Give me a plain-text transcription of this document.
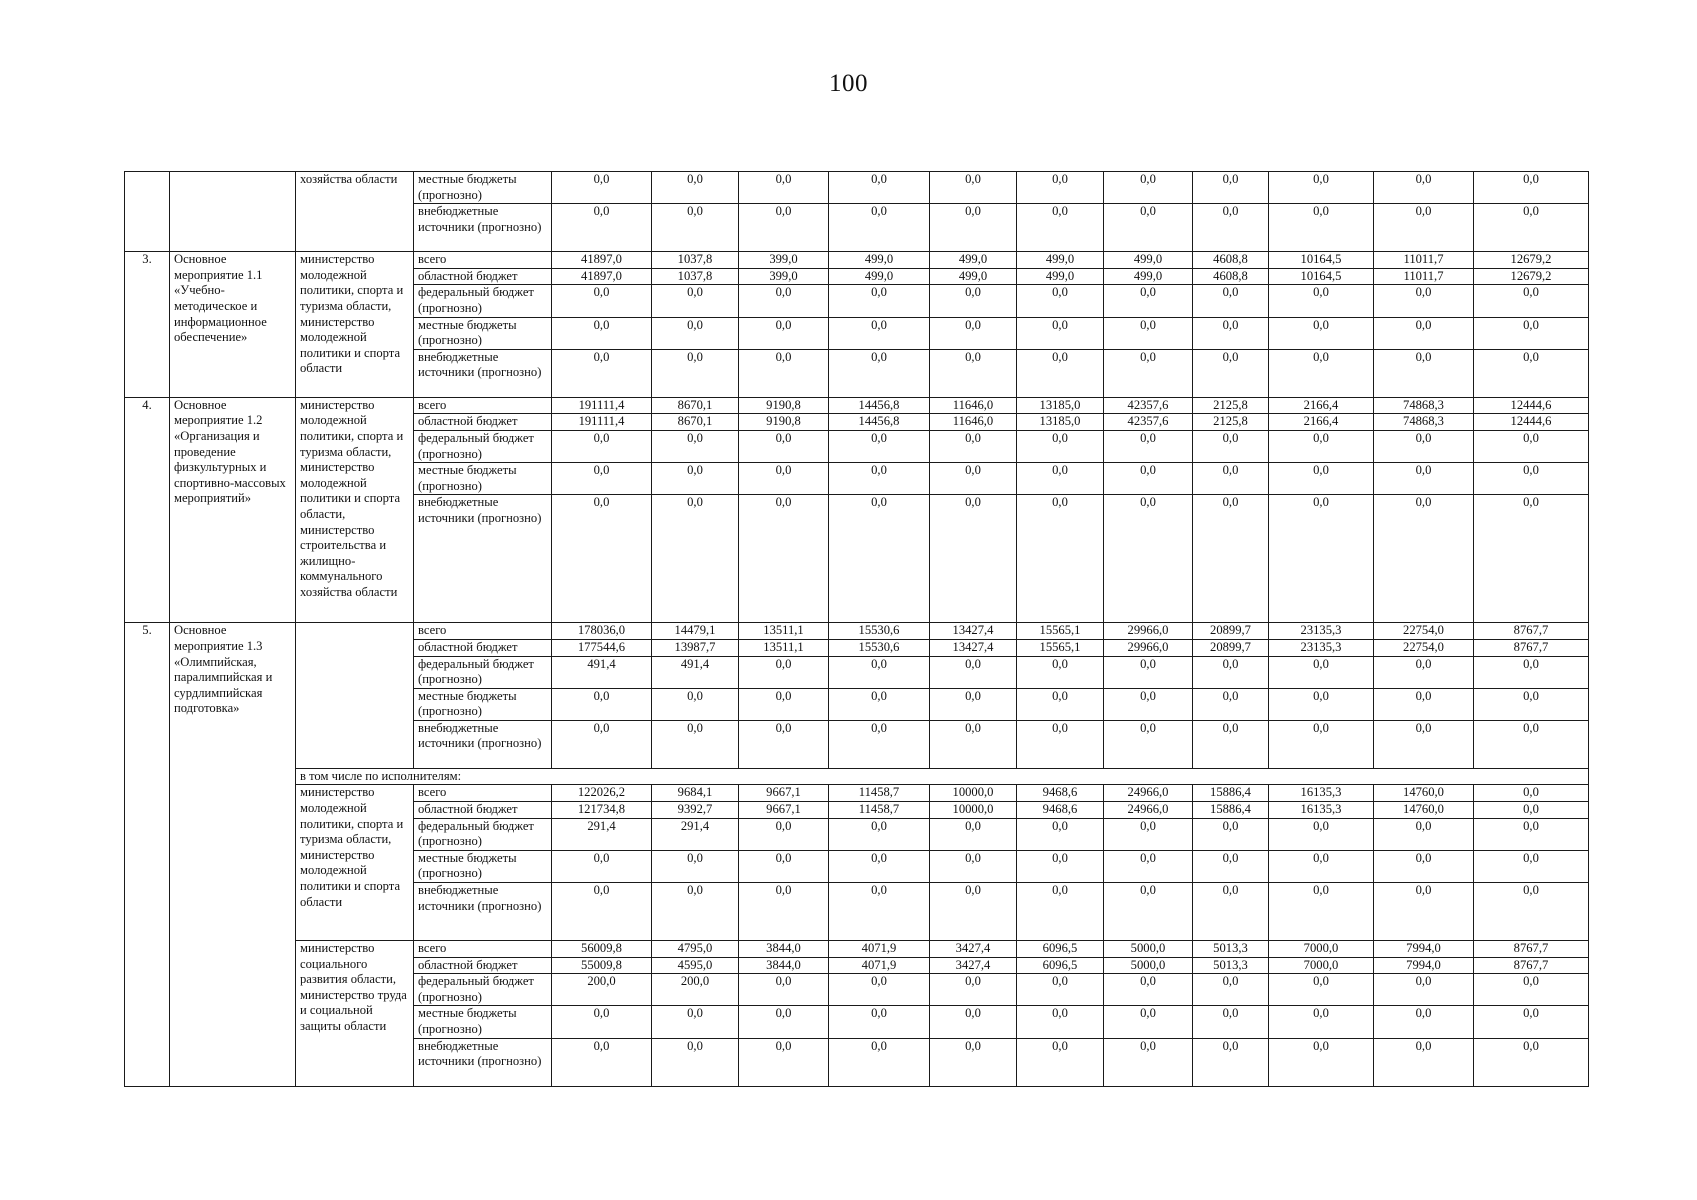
100
		хозяйства области	местные бюджеты (прогнозно)	0,0	0,0	0,0	0,0	0,0	0,0	0,0	0,0	0,0	0,0	0,0
			внебюджетные источники (прогнозно)	0,0	0,0	0,0	0,0	0,0	0,0	0,0	0,0	0,0	0,0	0,0
3.	Основное мероприятие 1.1 «Учебно-методическое и информационное обеспечение»	министерство молодежной политики, спорта и туризма области, министерство молодежной политики и спорта области	всего	41897,0	1037,8	399,0	499,0	499,0	499,0	499,0	4608,8	10164,5	11011,7	12679,2
			областной бюджет	41897,0	1037,8	399,0	499,0	499,0	499,0	499,0	4608,8	10164,5	11011,7	12679,2
			федеральный бюджет (прогнозно)	0,0	0,0	0,0	0,0	0,0	0,0	0,0	0,0	0,0	0,0	0,0
			местные бюджеты (прогнозно)	0,0	0,0	0,0	0,0	0,0	0,0	0,0	0,0	0,0	0,0	0,0
			внебюджетные источники (прогнозно)	0,0	0,0	0,0	0,0	0,0	0,0	0,0	0,0	0,0	0,0	0,0
4.	Основное мероприятие 1.2 «Организация и проведение физкультурных и спортивно-массовых мероприятий»	министерство молодежной политики, спорта и туризма области, министерство молодежной политики и спорта области, министерство строительства и жилищно-коммунального хозяйства области	всего	191111,4	8670,1	9190,8	14456,8	11646,0	13185,0	42357,6	2125,8	2166,4	74868,3	12444,6
			областной бюджет	191111,4	8670,1	9190,8	14456,8	11646,0	13185,0	42357,6	2125,8	2166,4	74868,3	12444,6
			федеральный бюджет (прогнозно)	0,0	0,0	0,0	0,0	0,0	0,0	0,0	0,0	0,0	0,0	0,0
			местные бюджеты (прогнозно)	0,0	0,0	0,0	0,0	0,0	0,0	0,0	0,0	0,0	0,0	0,0
			внебюджетные источники (прогнозно)	0,0	0,0	0,0	0,0	0,0	0,0	0,0	0,0	0,0	0,0	0,0
5.	Основное мероприятие 1.3 «Олимпийская, паралимпийская и сурдлимпийская подготовка»		всего	178036,0	14479,1	13511,1	15530,6	13427,4	15565,1	29966,0	20899,7	23135,3	22754,0	8767,7
			областной бюджет	177544,6	13987,7	13511,1	15530,6	13427,4	15565,1	29966,0	20899,7	23135,3	22754,0	8767,7
			федеральный бюджет (прогнозно)	491,4	491,4	0,0	0,0	0,0	0,0	0,0	0,0	0,0	0,0	0,0
			местные бюджеты (прогнозно)	0,0	0,0	0,0	0,0	0,0	0,0	0,0	0,0	0,0	0,0	0,0
			внебюджетные источники (прогнозно)	0,0	0,0	0,0	0,0	0,0	0,0	0,0	0,0	0,0	0,0	0,0
		в том числе по исполнителям:												
		министерство молодежной политики, спорта и туризма области, министерство молодежной политики и спорта области	всего	122026,2	9684,1	9667,1	11458,7	10000,0	9468,6	24966,0	15886,4	16135,3	14760,0	0,0
			областной бюджет	121734,8	9392,7	9667,1	11458,7	10000,0	9468,6	24966,0	15886,4	16135,3	14760,0	0,0
			федеральный бюджет (прогнозно)	291,4	291,4	0,0	0,0	0,0	0,0	0,0	0,0	0,0	0,0	0,0
			местные бюджеты (прогнозно)	0,0	0,0	0,0	0,0	0,0	0,0	0,0	0,0	0,0	0,0	0,0
			внебюджетные источники (прогнозно)	0,0	0,0	0,0	0,0	0,0	0,0	0,0	0,0	0,0	0,0	0,0
		министерство социального развития области, министерство труда и социальной защиты области	всего	56009,8	4795,0	3844,0	4071,9	3427,4	6096,5	5000,0	5013,3	7000,0	7994,0	8767,7
			областной бюджет	55009,8	4595,0	3844,0	4071,9	3427,4	6096,5	5000,0	5013,3	7000,0	7994,0	8767,7
			федеральный бюджет (прогнозно)	200,0	200,0	0,0	0,0	0,0	0,0	0,0	0,0	0,0	0,0	0,0
			местные бюджеты (прогнозно)	0,0	0,0	0,0	0,0	0,0	0,0	0,0	0,0	0,0	0,0	0,0
			внебюджетные источники (прогнозно)	0,0	0,0	0,0	0,0	0,0	0,0	0,0	0,0	0,0	0,0	0,0
